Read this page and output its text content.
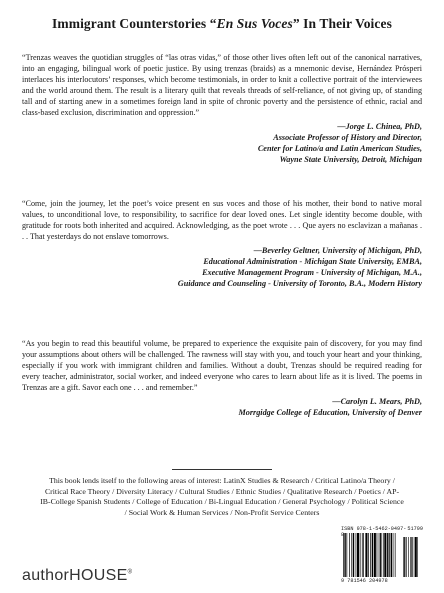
Immigrant Counterstories “En Sus Voces” In Their Voices

“Trenzas weaves the quotidian struggles of “las otras vidas,” of those other lives often left out of the canonical narratives, into an engaging, bilingual work of poetic justice. By using trenzas (braids) as a mnemonic devise, Hernández Prósperi interlaces his interlocutors’ responses, which become testimonials, in order to knit a collective portrait of the interviewees and the world around them. The result is a literary quilt that reveals threads of self-reliance, of not giving up, of standing tall and of starting anew in a sometimes foreign land in spite of chronic poverty and the persistence of ethnic, racial and class-based exclusion, discrimination and oppression.”

—Jorge L. Chinea, PhD,
Associate Professor of History and Director,
Center for Latino/a and Latin American Studies,
Wayne State University, Detroit, Michigan

“Come, join the journey, let the poet’s voice present en sus voces and those of his mother, their bond to native moral values, to unconditional love, to responsibility, to sacrifice for dear loved ones. Let single identity become double, with gratitude for roots both inherited and acquired. Acknowledging, as the poet wrote . . . Que ayers no esclavizan a mañanas . . . That yesterdays do not enslave tomorrows.

—Beverley Geltner, University of Michigan, PhD,
Educational Administration - Michigan State University, EMBA,
Executive Management Program - University of Michigan, M.A.,
Guidance and Counseling - University of Toronto, B.A., Modern History

“As you begin to read this beautiful volume, be prepared to experience the exquisite pain of discovery, for you may find your assumptions about others will be challenged. The rawness will stay with you, and touch your heart and your thinking, especially if you work with immigrant children and families. Without a doubt, Trenzas should be required reading for every teacher, administrator, social worker, and indeed everyone who cares to learn about life as it is lived. The poems in Trenzas are a gift. Savor each one . . . and remember.”

—Carolyn L. Mears, PhD,
Morrgidge College of Education, University of Denver
This book lends itself to the following areas of interest: LatinX Studies & Research / Critical Latino/a Theory / Critical Race Theory / Diversity Literacy / Cultural Studies / Ethnic Studies / Qualitative Research / Poetics / AP-IB-College Spanish Students / College of Education / Bi-Lingual Education / General Psychology / Political Science / Social Work & Human Services / Non-Profit Service Centers
authorHOUSE®
ISBN 978-1-5462-0497-8
51799
9 781546 204978
